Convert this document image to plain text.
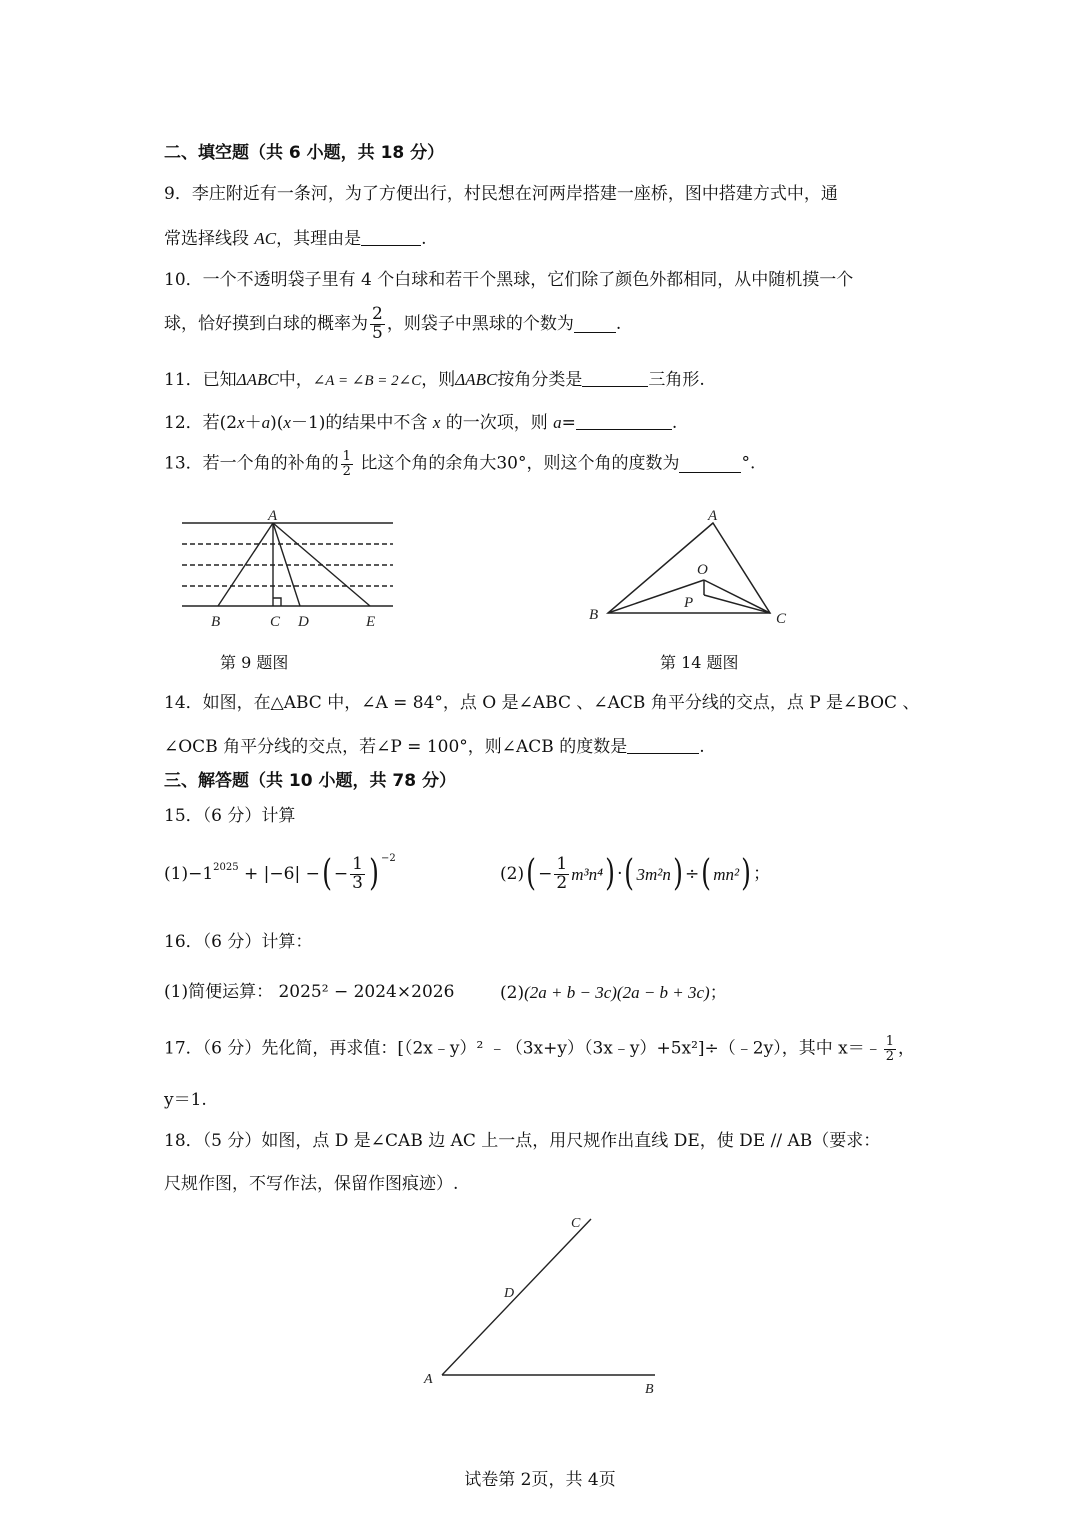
二、填空题（共 6 小题，共 18 分）
9．李庄附近有一条河，为了方便出行，村民想在河两岸搭建一座桥，图中搭建方式中，通
常选择线段 AC，其理由是	.
10．一个不透明袋子里有 4 个白球和若干个黑球，它们除了颜色外都相同，从中随机摸一个
球，恰好摸到白球的概率为 $\frac{2}{5}$ ，则袋子中黑球的个数为 .
11．已知ΔABC中，∠A = ∠B = 2∠C，则ΔABC按角分类是	三角形.
12．若(2x＋a)(x－1)的结果中不含 x 的一次项，则 a=	.
13．若一个角的补角的 $\frac{1}{2}$ 比这个角的余角大30°，则这个角的度数为	°.
A
B	C D	E
第 9 题图
A
B	C
O
P
第 14 题图
14．如图，在△ABC 中，∠A = 84°，点 O 是∠ABC 、∠ACB 角平分线的交点，点 P 是∠BOC 、
∠OCB 角平分线的交点，若∠P = 100°，则∠ACB 的度数是	.
三、解答题（共 10 小题，共 78 分）
15．（6 分）计算
$(1)-1^{2025} + |-6|$ −( − $\frac{1}{3}$ ) $^{-2}$
$(2)( - \frac{1}{2} m^3n^4)$ ·( 3m²n) ÷( mn²) ；
16．（6 分）计算：
(1)简便运算： 2025² − 2024×2026	(2)(2a + b − 3c)(2a − b + 3c)；
17．（6 分）先化简，再求值：[（2x﹣y）² ﹣（3x+y）（3x﹣y）+5x²]÷（﹣2y），其中 x＝﹣ $\frac{1}{2}$ ，
y＝1.
18．（5 分）如图，点 D 是∠CAB 边 AC 上一点，用尺规作出直线 DE，使 DE // AB（要求：
尺规作图，不写作法，保留作图痕迹）.
C
D
A
B
试卷第 2页，共 4页
